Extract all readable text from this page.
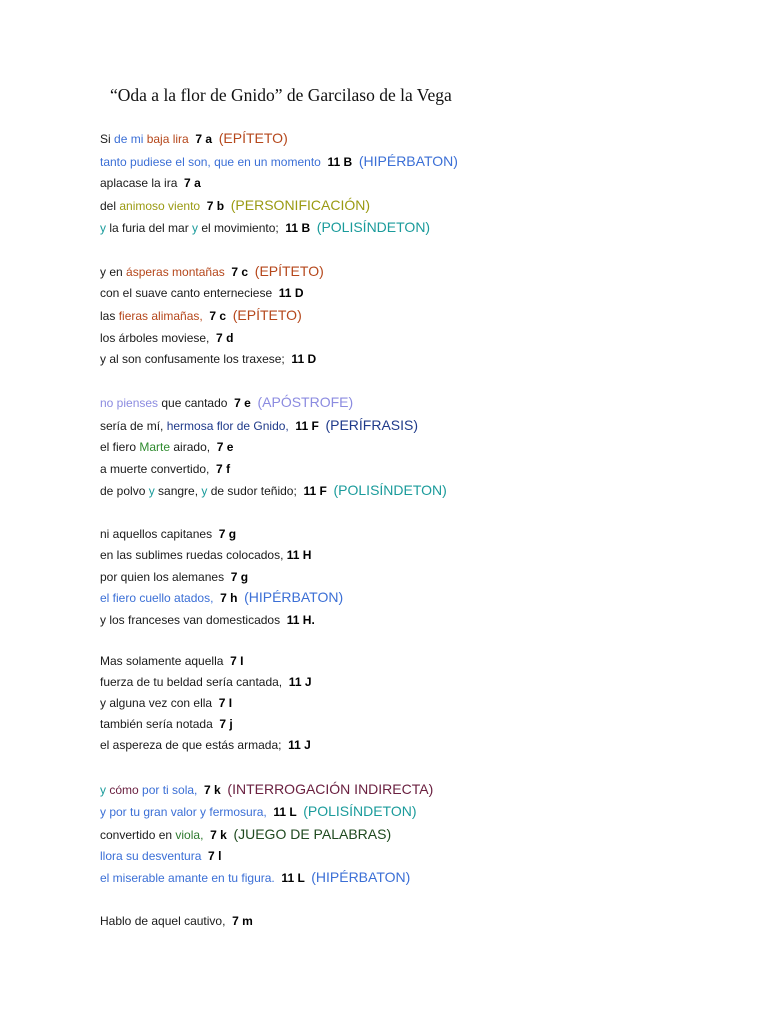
“Oda a la flor de Gnido” de Garcilaso de la Vega
Si de mi baja lira  7 a  (EPÍTETO)
tanto pudiese el son, que en un momento  11 B  (HIPÉRBATON)
aplacase la ira  7 a
del animoso viento  7 b  (PERSONIFICACIÓN)
y la furia del mar y el movimiento;  11 B  (POLISÍNDETON)
y en ásperas montañas  7 c  (EPÍTETO)
con el suave canto enterneciese  11 D
las fieras alimañas,  7 c  (EPÍTETO)
los árboles moviese,  7 d
y al son confusamente los traxese;  11 D
no pienses que cantado  7 e  (APÓSTROFE)
sería de mí, hermosa flor de Gnido,  11 F  (PERÍFRASIS)
el fiero Marte airado,  7 e
a muerte convertido,  7 f
de polvo y sangre, y de sudor teñido;  11 F  (POLISÍNDETON)
ni aquellos capitanes  7 g
en las sublimes ruedas colocados, 11 H
por quien los alemanes  7 g
el fiero cuello atados,  7 h  (HIPÉRBATON)
y los franceses van domesticados  11 H.
Mas solamente aquella  7 I
fuerza de tu beldad sería cantada,  11 J
y alguna vez con ella  7 I
también sería notada  7 j
el aspereza de que estás armada;  11 J
y cómo por ti sola,  7 k  (INTERROGACIÓN INDIRECTA)
y por tu gran valor y fermosura,  11 L  (POLISÍNDETON)
convertido en viola,  7 k  (JUEGO DE PALABRAS)
llora su desventura  7 l
el miserable amante en tu figura.  11 L  (HIPÉRBATON)
Hablo de aquel cautivo,  7 m
